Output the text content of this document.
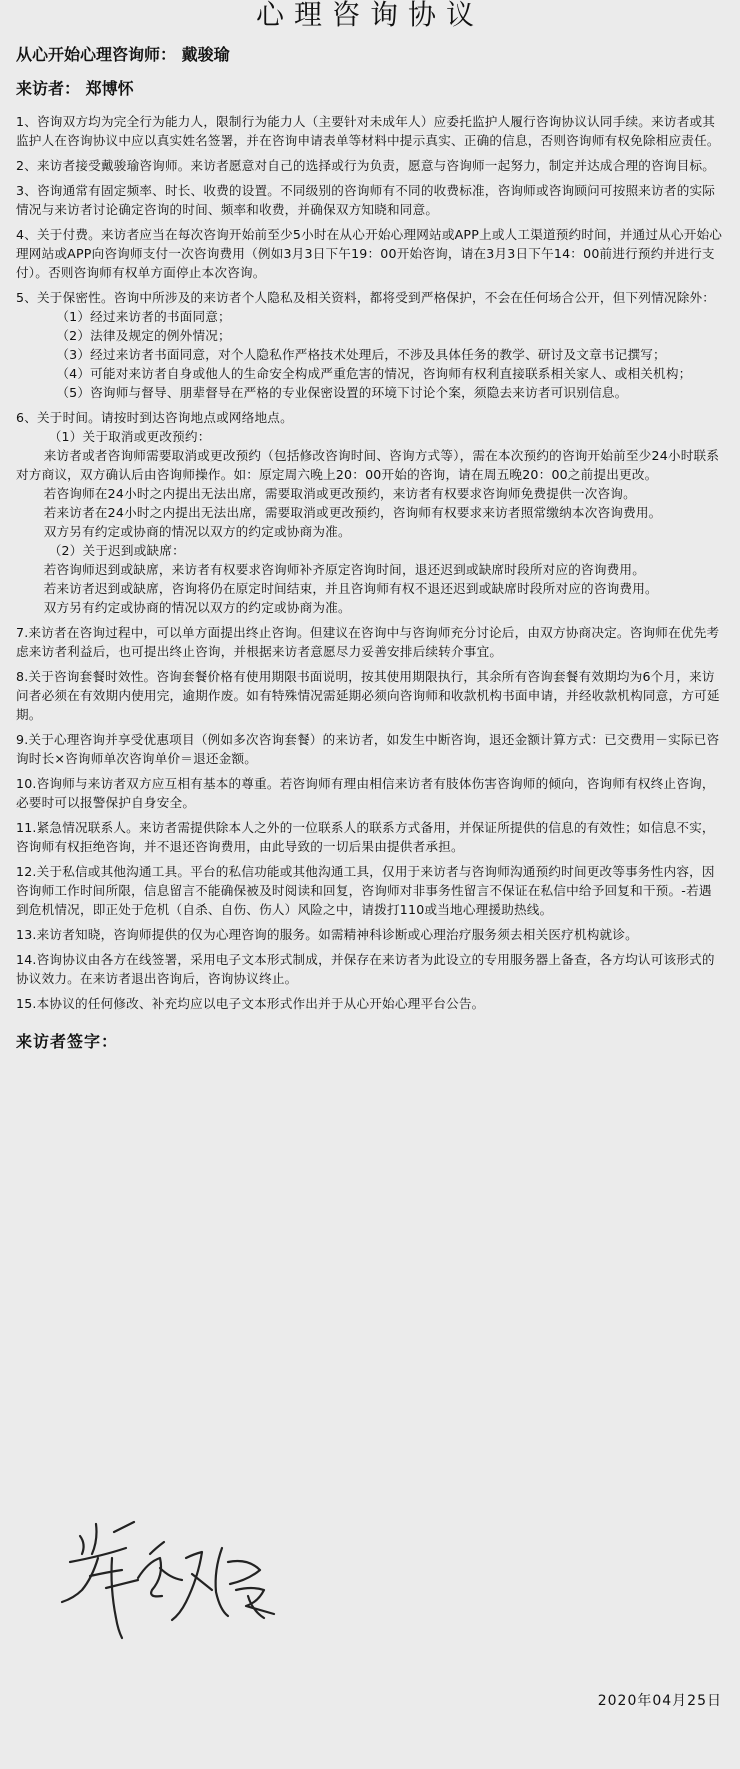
心理咨询协议

从心开始心理咨询师： 戴骏瑜

来访者： 郑博怀

1、咨询双方均为完全行为能力人，限制行为能力人（主要针对未成年人）应委托监护人履行咨询协议认同手续。来访者或其监护人在咨询协议中应以真实姓名签署，并在咨询申请表单等材料中提示真实、正确的信息，否则咨询师有权免除相应责任。

2、来访者接受戴骏瑜咨询师。来访者愿意对自己的选择或行为负责，愿意与咨询师一起努力，制定并达成合理的咨询目标。

3、咨询通常有固定频率、时长、收费的设置。不同级别的咨询师有不同的收费标准，咨询师或咨询顾问可按照来访者的实际情况与来访者讨论确定咨询的时间、频率和收费，并确保双方知晓和同意。

4、关于付费。来访者应当在每次咨询开始前至少5小时在从心开始心理网站或APP上或人工渠道预约时间，并通过从心开始心理网站或APP向咨询师支付一次咨询费用（例如3月3日下午19：00开始咨询，请在3月3日下午14：00前进行预约并进行支付）。否则咨询师有权单方面停止本次咨询。

5、关于保密性。咨询中所涉及的来访者个人隐私及相关资料，都将受到严格保护，不会在任何场合公开，但下列情况除外：

（1）经过来访者的书面同意；

（2）法律及规定的例外情况；

（3）经过来访者书面同意，对个人隐私作严格技术处理后，不涉及具体任务的教学、研讨及文章书记撰写；

（4）可能对来访者自身或他人的生命安全构成严重危害的情况，咨询师有权利直接联系相关家人、或相关机构；

（5）咨询师与督导、朋辈督导在严格的专业保密设置的环境下讨论个案，须隐去来访者可识别信息。

6、关于时间。请按时到达咨询地点或网络地点。

（1）关于取消或更改预约：

来访者或者咨询师需要取消或更改预约（包括修改咨询时间、咨询方式等），需在本次预约的咨询开始前至少24小时联系对方商议，双方确认后由咨询师操作。如：原定周六晚上20：00开始的咨询，请在周五晚20：00之前提出更改。

若咨询师在24小时之内提出无法出席，需要取消或更改预约，来访者有权要求咨询师免费提供一次咨询。

若来访者在24小时之内提出无法出席，需要取消或更改预约，咨询师有权要求来访者照常缴纳本次咨询费用。

双方另有约定或协商的情况以双方的约定或协商为准。

（2）关于迟到或缺席：

若咨询师迟到或缺席，来访者有权要求咨询师补齐原定咨询时间，退还迟到或缺席时段所对应的咨询费用。

若来访者迟到或缺席，咨询将仍在原定时间结束，并且咨询师有权不退还迟到或缺席时段所对应的咨询费用。

双方另有约定或协商的情况以双方的约定或协商为准。

7.来访者在咨询过程中，可以单方面提出终止咨询。但建议在咨询中与咨询师充分讨论后，由双方协商决定。咨询师在优先考虑来访者利益后，也可提出终止咨询，并根据来访者意愿尽力妥善安排后续转介事宜。

8.关于咨询套餐时效性。咨询套餐价格有使用期限书面说明，按其使用期限执行，其余所有咨询套餐有效期均为6个月，来访问者必须在有效期内使用完，逾期作废。如有特殊情况需延期必须向咨询师和收款机构书面申请，并经收款机构同意，方可延期。

9.关于心理咨询并享受优惠项目（例如多次咨询套餐）的来访者，如发生中断咨询，退还金额计算方式：已交费用－实际已咨询时长×咨询师单次咨询单价＝退还金额。

10.咨询师与来访者双方应互相有基本的尊重。若咨询师有理由相信来访者有肢体伤害咨询师的倾向，咨询师有权终止咨询，必要时可以报警保护自身安全。

11.紧急情况联系人。来访者需提供除本人之外的一位联系人的联系方式备用，并保证所提供的信息的有效性；如信息不实，咨询师有权拒绝咨询，并不退还咨询费用，由此导致的一切后果由提供者承担。

12.关于私信或其他沟通工具。平台的私信功能或其他沟通工具，仅用于来访者与咨询师沟通预约时间更改等事务性内容，因咨询师工作时间所限，信息留言不能确保被及时阅读和回复，咨询师对非事务性留言不保证在私信中给予回复和干预。-若遇到危机情况，即正处于危机（自杀、自伤、伤人）风险之中，请拨打110或当地心理援助热线。

13.来访者知晓，咨询师提供的仅为心理咨询的服务。如需精神科诊断或心理治疗服务须去相关医疗机构就诊。

14.咨询协议由各方在线签署，采用电子文本形式制成，并保存在来访者为此设立的专用服务器上备查，各方均认可该形式的协议效力。在来访者退出咨询后，咨询协议终止。

15.本协议的任何修改、补充均应以电子文本形式作出并于从心开始心理平台公告。

来访者签字：

2020年04月25日
